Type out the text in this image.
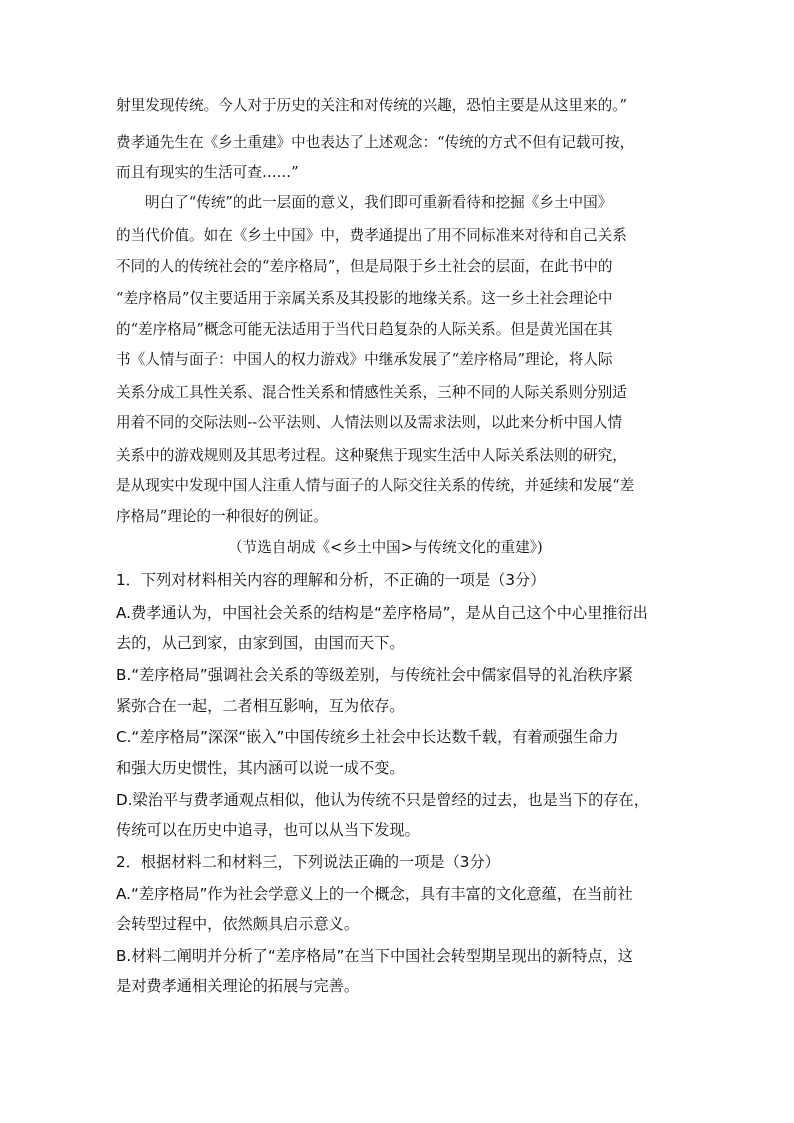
射里发现传统。今人对于历史的关注和对传统的兴趣，恐怕主要是从这里来的。”
费孝通先生在《乡土重建》中也表达了上述观念：“传统的方式不但有记载可按，
而且有现实的生活可查……”
明白了“传统”的此一层面的意义，我们即可重新看待和挖掘《乡土中国》
的当代价值。如在《乡土中国》中，费孝通提出了用不同标准来对待和自己关系
不同的人的传统社会的“差序格局”，但是局限于乡土社会的层面，在此书中的
“差序格局”仅主要适用于亲属关系及其投影的地缘关系。这一乡土社会理论中
的“差序格局”概念可能无法适用于当代日趋复杂的人际关系。但是黄光国在其
书《人情与面子：中国人的权力游戏》中继承发展了“差序格局”理论，将人际
关系分成工具性关系、混合性关系和情感性关系，三种不同的人际关系则分别适
用着不同的交际法则--公平法则、人情法则以及需求法则，以此来分析中国人情
关系中的游戏规则及其思考过程。这种聚焦于现实生活中人际关系法则的研究，
是从现实中发现中国人注重人情与面子的人际交往关系的传统，并延续和发展“差
序格局”理论的一种很好的例证。
（节选自胡成《<乡土中国>与传统文化的重建》)
1．下列对材料相关内容的理解和分析，不正确的一项是（3分）
A.费孝通认为，中国社会关系的结构是“差序格局”，是从自己这个中心里推衍出
去的，从己到家，由家到国，由国而天下。
B.“差序格局”强调社会关系的等级差别，与传统社会中儒家倡导的礼治秩序紧
紧弥合在一起，二者相互影响，互为依存。
C.“差序格局”深深“嵌入”中国传统乡土社会中长达数千载，有着顽强生命力
和强大历史惯性，其内涵可以说一成不变。
D.梁治平与费孝通观点相似，他认为传统不只是曾经的过去，也是当下的存在，
传统可以在历史中追寻，也可以从当下发现。
2．根据材料二和材料三，下列说法正确的一项是（3分）
A.“差序格局”作为社会学意义上的一个概念，具有丰富的文化意蕴，在当前社
会转型过程中，依然颇具启示意义。
B.材料二阐明并分析了“差序格局”在当下中国社会转型期呈现出的新特点，这
是对费孝通相关理论的拓展与完善。
